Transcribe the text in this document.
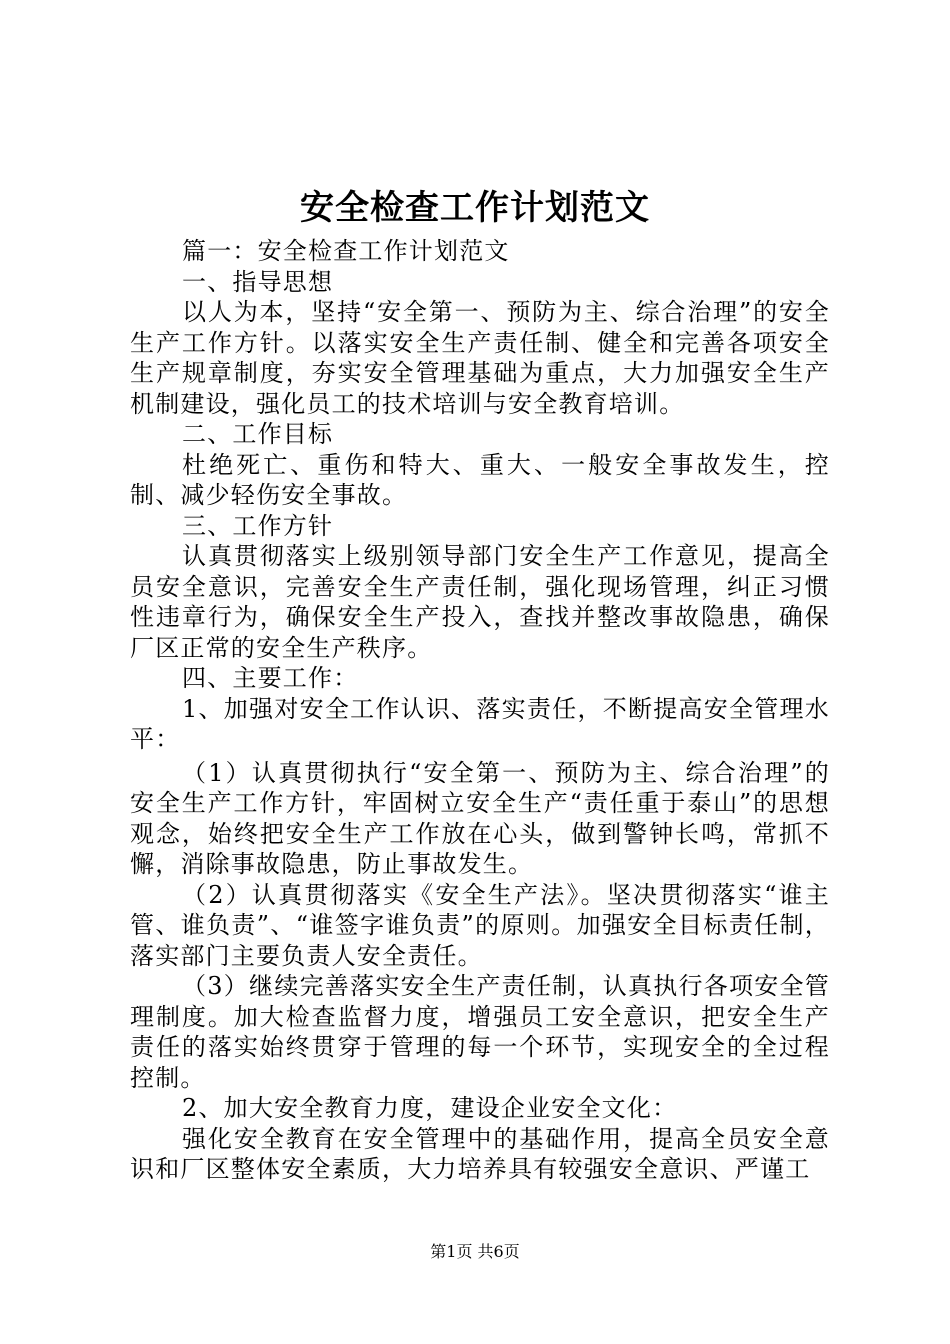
安全检查工作计划范文

篇一：安全检查工作计划范文

一、指导思想

以人为本，坚持“安全第一、预防为主、综合治理”的安全生产工作方针。以落实安全生产责任制、健全和完善各项安全生产规章制度，夯实安全管理基础为重点，大力加强安全生产机制建设，强化员工的技术培训与安全教育培训。

二、工作目标

杜绝死亡、重伤和特大、重大、一般安全事故发生，控制、减少轻伤安全事故。

三、工作方针

认真贯彻落实上级别领导部门安全生产工作意见，提高全员安全意识，完善安全生产责任制，强化现场管理，纠正习惯性违章行为，确保安全生产投入，查找并整改事故隐患，确保厂区正常的安全生产秩序。

四、主要工作：

1、加强对安全工作认识、落实责任，不断提高安全管理水平：

（1）认真贯彻执行“安全第一、预防为主、综合治理”的安全生产工作方针，牢固树立安全生产“责任重于泰山”的思想观念，始终把安全生产工作放在心头，做到警钟长鸣，常抓不懈，消除事故隐患，防止事故发生。

（2）认真贯彻落实《安全生产法》。坚决贯彻落实“谁主管、谁负责”、“谁签字谁负责”的原则。加强安全目标责任制，落实部门主要负责人安全责任。

（3）继续完善落实安全生产责任制，认真执行各项安全管理制度。加大检查监督力度，增强员工安全意识，把安全生产责任的落实始终贯穿于管理的每一个环节，实现安全的全过程控制。

2、加大安全教育力度，建设企业安全文化：

强化安全教育在安全管理中的基础作用，提高全员安全意识和厂区整体安全素质，大力培养具有较强安全意识、严谨工

第1页 共6页
